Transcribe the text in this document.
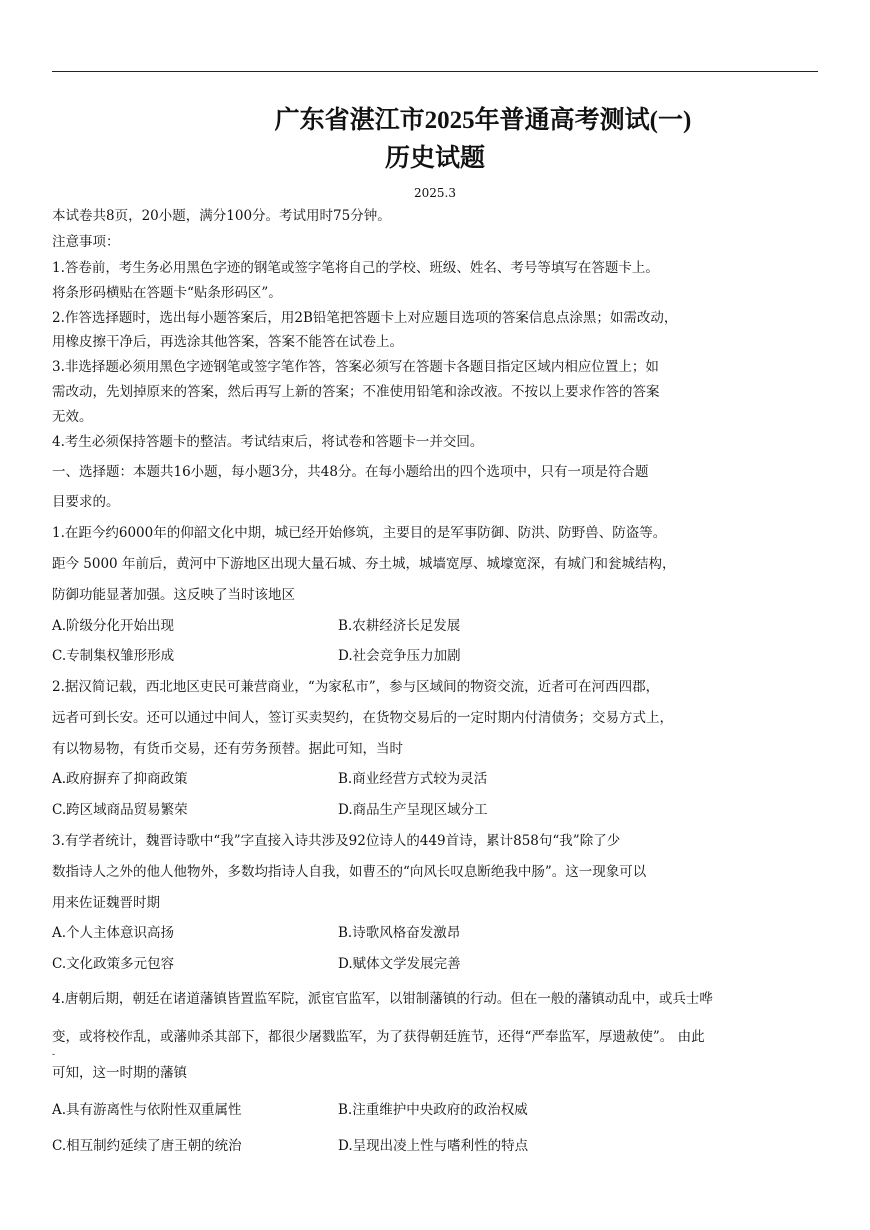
广东省湛江市2025年普通高考测试(一)
历史试题
2025.3
本试卷共8页，20小题，满分100分。考试用时75分钟。
注意事项：
1.答卷前，考生务必用黑色字迹的钢笔或签字笔将自己的学校、班级、姓名、考号等填写在答题卡上。
将条形码横贴在答题卡“贴条形码区”。
2.作答选择题时，选出每小题答案后，用2B铅笔把答题卡上对应题目选项的答案信息点涂黑；如需改动，
用橡皮擦干净后，再选涂其他答案，答案不能答在试卷上。
3.非选择题必须用黑色字迹钢笔或签字笔作答，答案必须写在答题卡各题目指定区域内相应位置上；如
需改动，先划掉原来的答案，然后再写上新的答案；不准使用铅笔和涂改液。不按以上要求作答的答案
无效。
4.考生必须保持答题卡的整洁。考试结束后，将试卷和答题卡一并交回。
一、选择题：本题共16小题，每小题3分，共48分。在每小题给出的四个选项中，只有一项是符合题
目要求的。
1.在距今约6000年的仰韶文化中期，城已经开始修筑，主要目的是军事防御、防洪、防野兽、防盗等。
距今 5000 年前后，黄河中下游地区出现大量石城、夯土城，城墙宽厚、城壕宽深，有城门和瓮城结构，
防御功能显著加强。这反映了当时该地区
A.阶级分化开始出现	B.农耕经济长足发展
C.专制集权雏形形成	D.社会竞争压力加剧
2.据汉简记载，西北地区吏民可兼营商业，“为家私市”，参与区域间的物资交流，近者可在河西四郡，
远者可到长安。还可以通过中间人，签订买卖契约，在货物交易后的一定时期内付清债务；交易方式上，
有以物易物，有货币交易，还有劳务预替。据此可知，当时
A.政府摒弃了抑商政策	B.商业经营方式较为灵活
C.跨区域商品贸易繁荣	D.商品生产呈现区域分工
3.有学者统计，魏晋诗歌中“我”字直接入诗共涉及92位诗人的449首诗，累计858句“我”除了少
数指诗人之外的他人他物外，多数均指诗人自我，如曹丕的“向风长叹息断绝我中肠”。这一现象可以
用来佐证魏晋时期
A.个人主体意识高扬	B.诗歌风格奋发激昂
C.文化政策多元包容	D.赋体文学发展完善
4.唐朝后期，朝廷在诸道藩镇皆置监军院，派宦官监军，以钳制藩镇的行动。但在一般的藩镇动乱中，或兵士哗
变，或将校作乱，或藩帅杀其部下，都很少屠戮监军，为了获得朝廷旌节，还得“严奉监军，厚遗赦使”。 由此
-
可知，这一时期的藩镇
A.具有游离性与依附性双重属性	B.注重维护中央政府的政治权威
C.相互制约延续了唐王朝的统治	D.呈现出凌上性与嗜利性的特点
